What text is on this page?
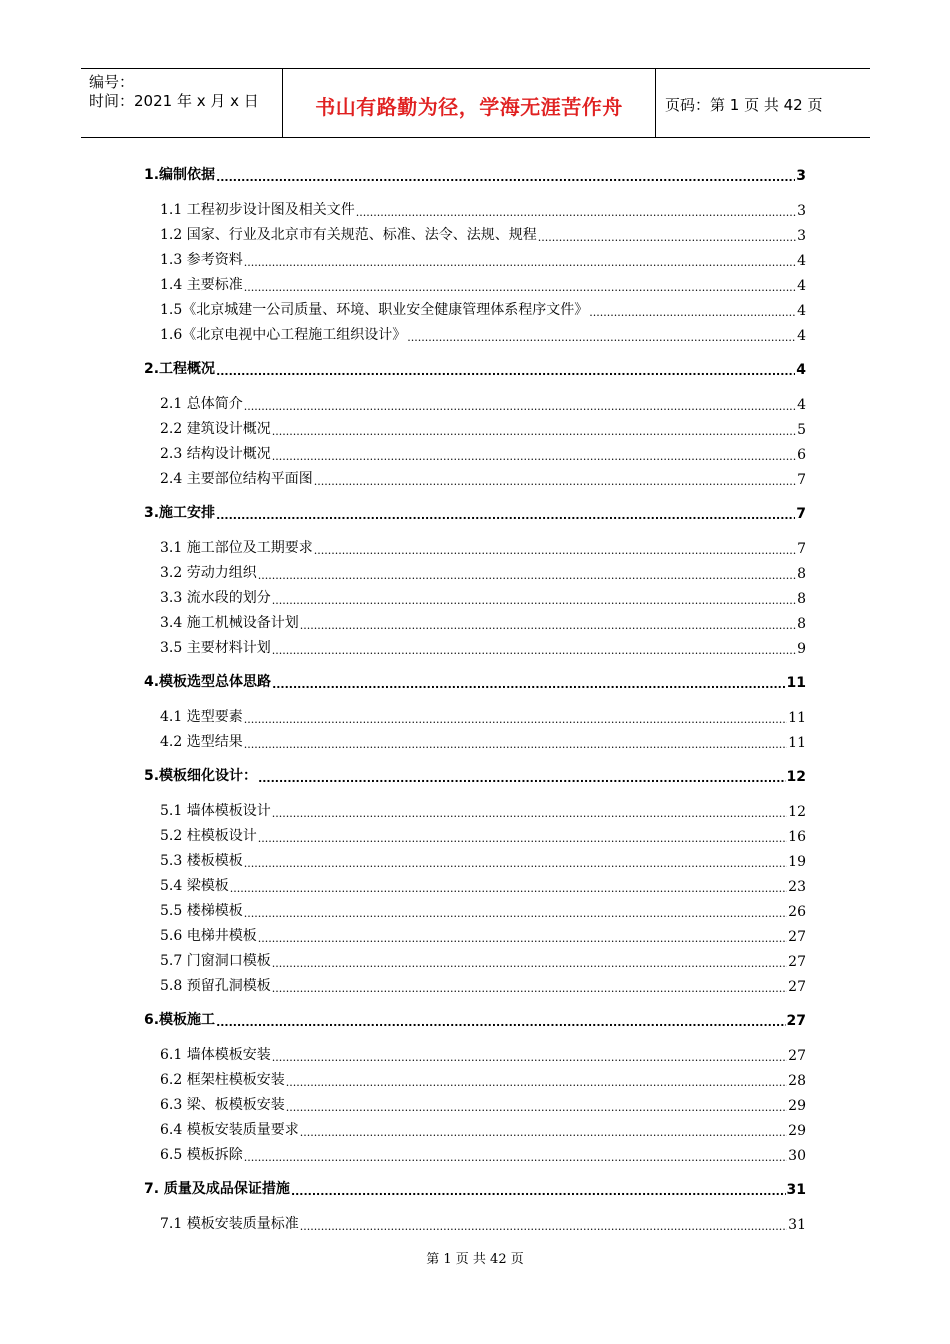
编号：
时间：2021 年 x 月 x 日	书山有路勤为径，学海无涯苦作舟	页码：第 1 页 共 42 页
1.编制依据 .....	3
1.1 工程初步设计图及相关文件 .....	3
1.2 国家、行业及北京市有关规范、标准、法令、法规、规程 .....	3
1.3 参考资料 .....	4
1.4 主要标准 .....	4
1.5《北京城建一公司质量、环境、职业安全健康管理体系程序文件》 .....	4
1.6《北京电视中心工程施工组织设计》 .....	4
2.工程概况 .....	4
2.1 总体简介 .....	4
2.2 建筑设计概况 .....	5
2.3 结构设计概况 .....	6
2.4 主要部位结构平面图 .....	7
3.施工安排 .....	7
3.1 施工部位及工期要求 .....	7
3.2 劳动力组织 .....	8
3.3 流水段的划分 .....	8
3.4 施工机械设备计划 .....	8
3.5 主要材料计划 .....	9
4.模板选型总体思路 .....	11
4.1 选型要素 .....	11
4.2 选型结果 .....	11
5.模板细化设计： .....	12
5.1 墙体模板设计 .....	12
5.2 柱模板设计 .....	16
5.3 楼板模板 .....	19
5.4 梁模板 .....	23
5.5 楼梯模板 .....	26
5.6 电梯井模板 .....	27
5.7 门窗洞口模板 .....	27
5.8 预留孔洞模板 .....	27
6.模板施工 .....	27
6.1 墙体模板安装 .....	27
6.2 框架柱模板安装 .....	28
6.3 梁、板模板安装 .....	29
6.4 模板安装质量要求 .....	29
6.5 模板拆除 .....	30
7. 质量及成品保证措施 .....	31
7.1 模板安装质量标准 .....	31
第 1 页 共 42 页
